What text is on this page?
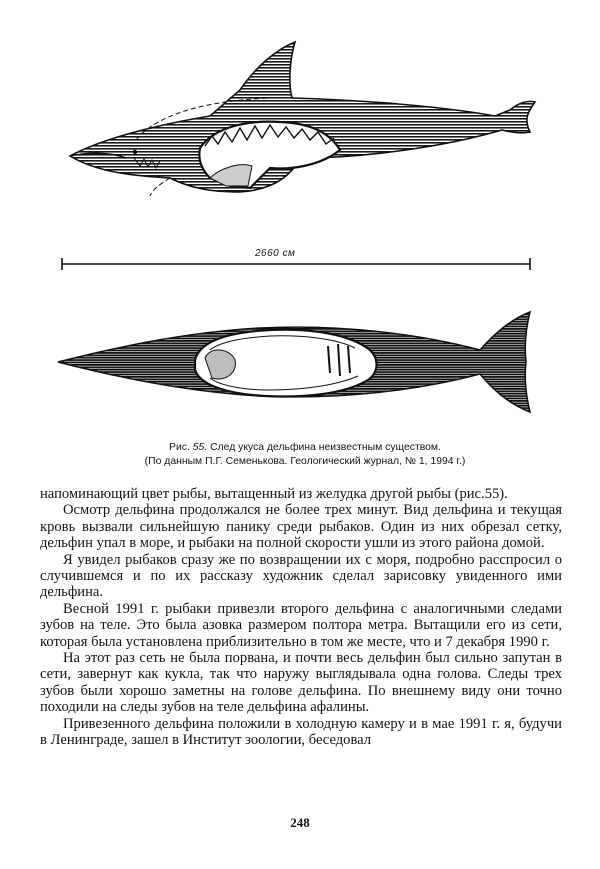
2660 см
Рис. 55. След укуса дельфина неизвестным существом.
(По данным П.Г. Семенькова. Геологический журнал, № 1, 1994 г.)

напоминающий цвет рыбы, вытащенный из желудка другой рыбы (рис.55).

Осмотр дельфина продолжался не более трех минут. Вид дельфина и текущая кровь вызвали сильнейшую панику среди рыбаков. Один из них обрезал сетку, дельфин упал в море, и рыбаки на полной скорости ушли из этого района домой.

Я увидел рыбаков сразу же по возвращении их с моря, подробно расспросил о случившемся и по их рассказу художник сделал зарисовку увиденного ими дельфина.

Весной 1991 г. рыбаки привезли второго дельфина с аналогичными следами зубов на теле. Это была азовка размером полтора метра. Вытащили его из сети, которая была установлена приблизительно в том же месте, что и 7 декабря 1990 г.

На этот раз сеть не была порвана, и почти весь дельфин был сильно запутан в сети, завернут как кукла, так что наружу выглядывала одна голова. Следы трех зубов были хорошо заметны на голове дельфина. По внешнему виду они точно походили на следы зубов на теле дельфина афалины.

Привезенного дельфина положили в холодную камеру и в мае 1991 г. я, будучи в Ленинграде, зашел в Институт зоологии, беседовал

248
